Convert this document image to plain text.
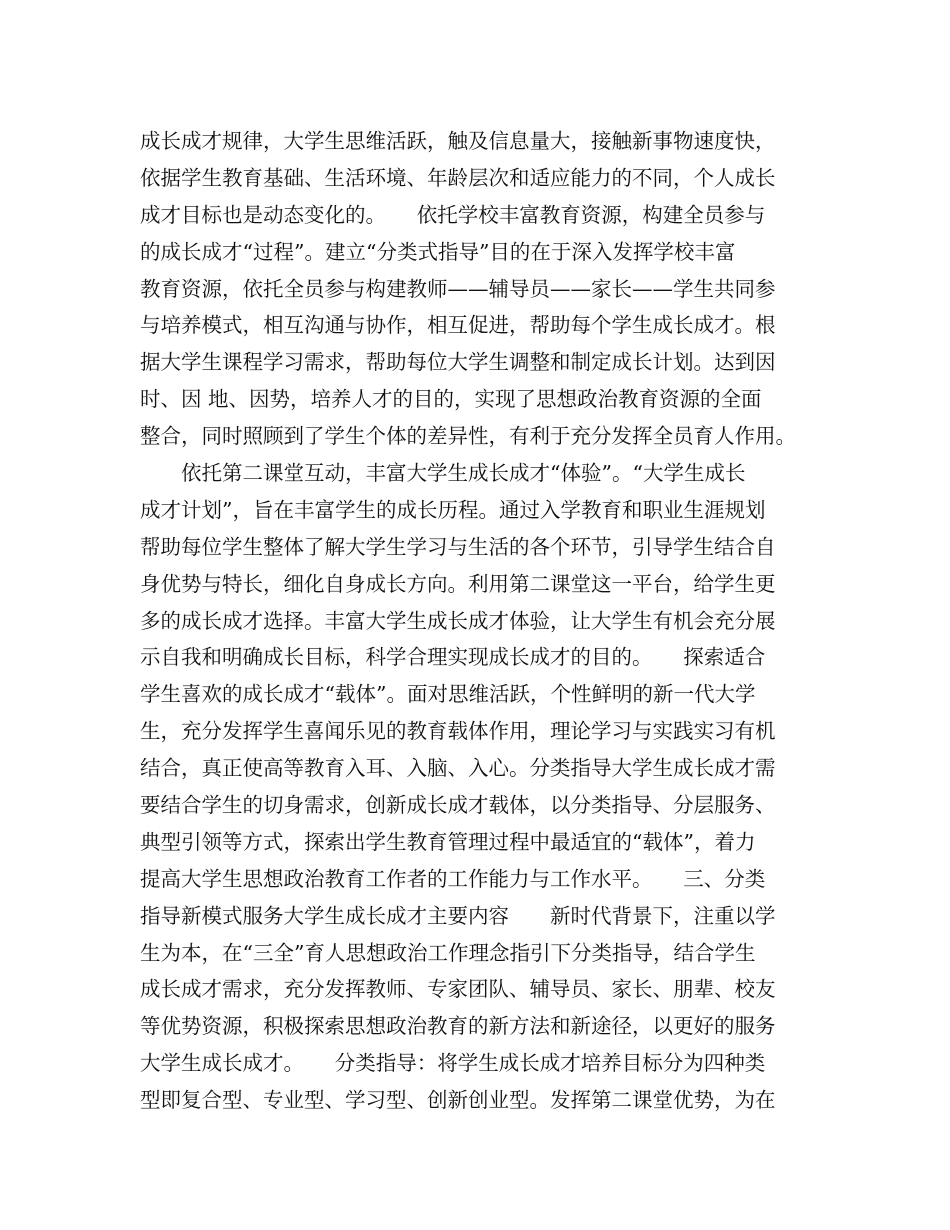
成长成才规律，大学生思维活跃，触及信息量大，接触新事物速度快，
依据学生教育基础、生活环境、年龄层次和适应能力的不同，个人成长
成才目标也是动态变化的。　　依托学校丰富教育资源，构建全员参与
的成长成才“过程”。建立“分类式指导”目的在于深入发挥学校丰富
教育资源，依托全员参与构建教师——辅导员——家长——学生共同参
与培养模式，相互沟通与协作，相互促进，帮助每个学生成长成才。根
据大学生课程学习需求，帮助每位大学生调整和制定成长计划。达到因
时、因 地、因势，培养人才的目的，实现了思想政治教育资源的全面
整合，同时照顾到了学生个体的差异性，有利于充分发挥全员育人作用。
　　依托第二课堂互动，丰富大学生成长成才“体验”。“大学生成长
成才计划”，旨在丰富学生的成长历程。通过入学教育和职业生涯规划
帮助每位学生整体了解大学生学习与生活的各个环节，引导学生结合自
身优势与特长，细化自身成长方向。利用第二课堂这一平台，给学生更
多的成长成才选择。丰富大学生成长成才体验，让大学生有机会充分展
示自我和明确成长目标，科学合理实现成长成才的目的。　　探索适合
学生喜欢的成长成才“载体”。面对思维活跃，个性鲜明的新一代大学
生，充分发挥学生喜闻乐见的教育载体作用，理论学习与实践实习有机
结合，真正使高等教育入耳、入脑、入心。分类指导大学生成长成才需
要结合学生的切身需求，创新成长成才载体，以分类指导、分层服务、
典型引领等方式，探索出学生教育管理过程中最适宜的“载体”，着力
提高大学生思想政治教育工作者的工作能力与工作水平。　　三、分类
指导新模式服务大学生成长成才主要内容　　新时代背景下，注重以学
生为本，在“三全”育人思想政治工作理念指引下分类指导，结合学生
成长成才需求，充分发挥教师、专家团队、辅导员、家长、朋辈、校友
等优势资源，积极探索思想政治教育的新方法和新途径，以更好的服务
大学生成长成才。　　分类指导：将学生成长成才培养目标分为四种类
型即复合型、专业型、学习型、创新创业型。发挥第二课堂优势，为在
